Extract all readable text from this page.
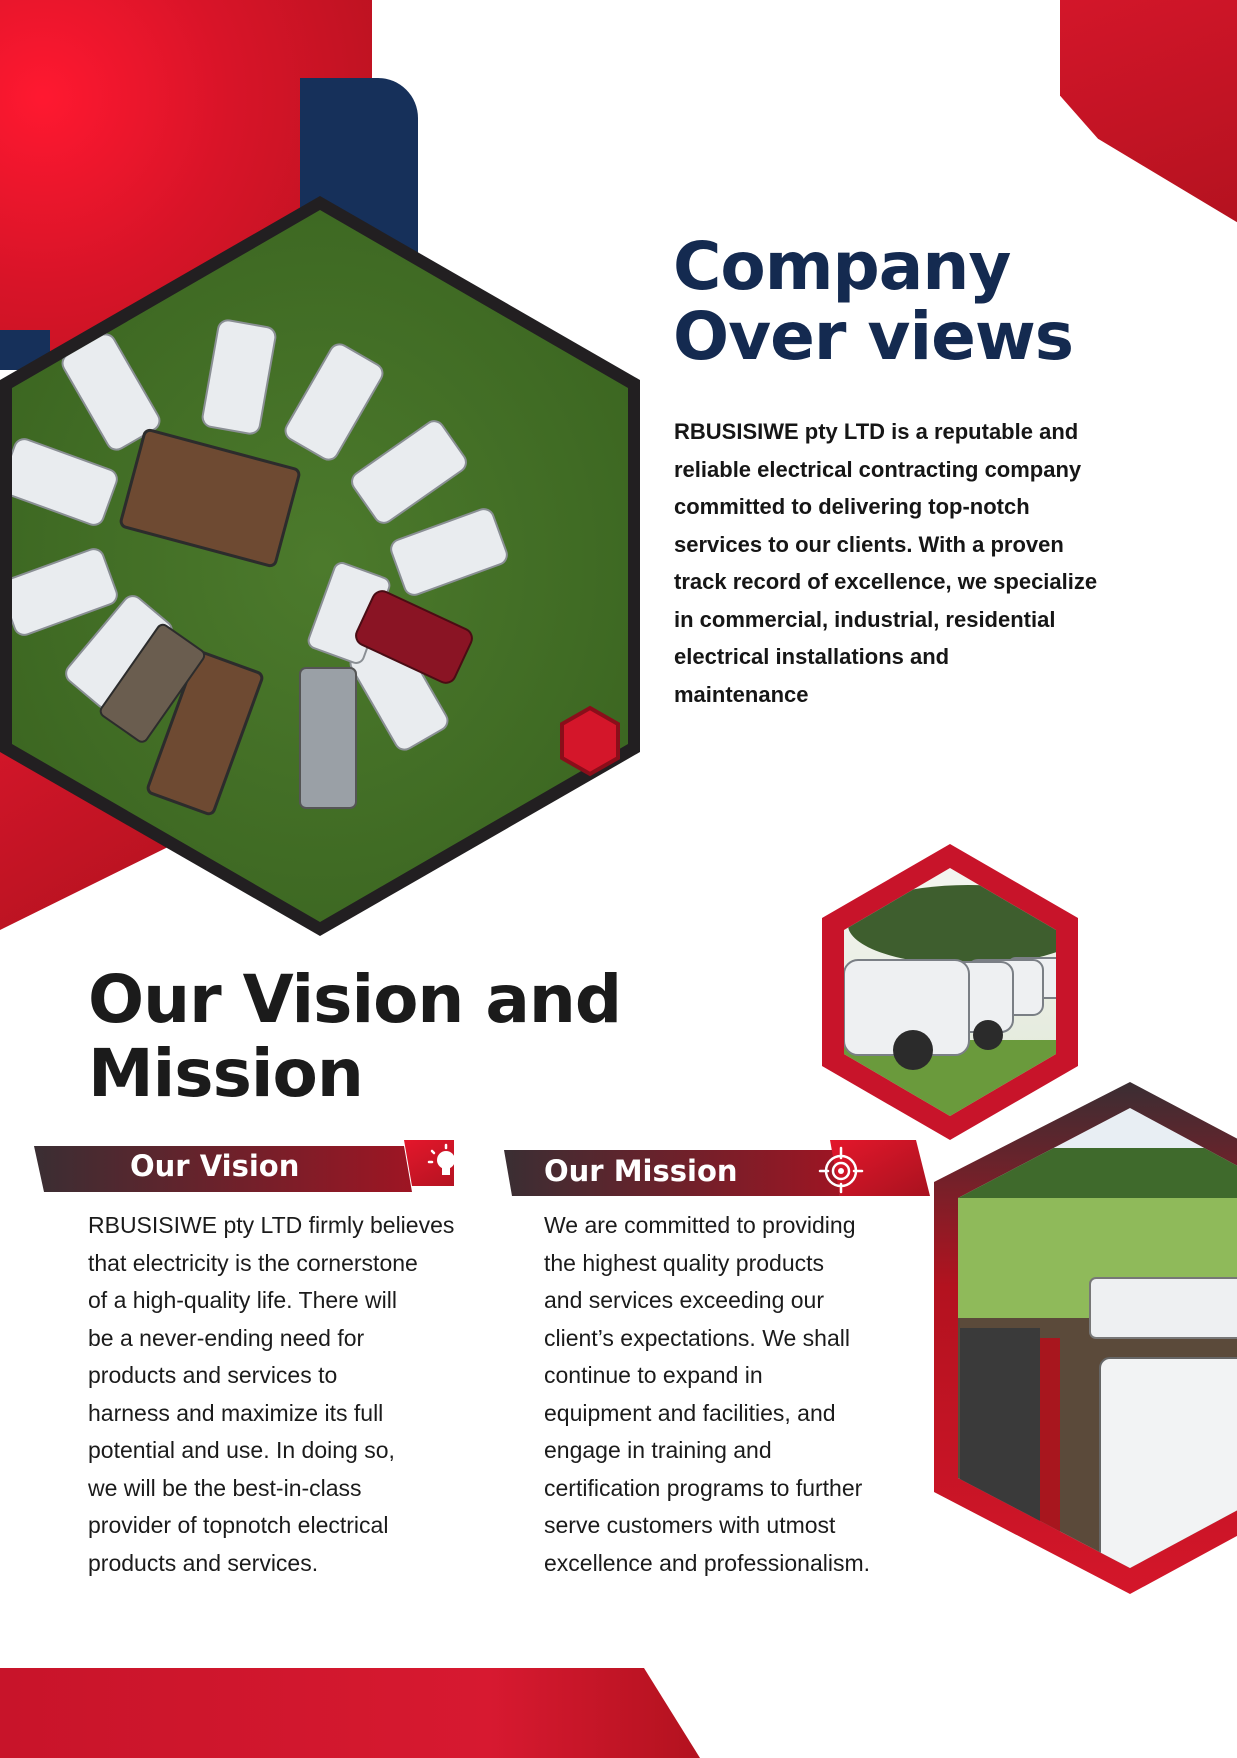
Company
Over views
RBUSISIWE pty LTD is a reputable and
reliable electrical contracting company
committed to delivering top-notch
services to our clients. With a proven
track record of excellence, we specialize
in commercial, industrial, residential
electrical installations and
maintenance
Our Vision and
Mission
Our Vision	Our Mission
RBUSISIWE pty LTD firmly believes
that electricity is the cornerstone
of a high-quality life. There will
be a never-ending need for
products and services to
harness and maximize its full
potential and use. In doing so,
we will be the best-in-class
provider of topnotch electrical
products and services.
We are committed to providing
the highest quality products
and services exceeding our
client’s expectations. We shall
continue to expand in
equipment and facilities, and
engage in training and
certification programs to further
serve customers with utmost
excellence and professionalism.
